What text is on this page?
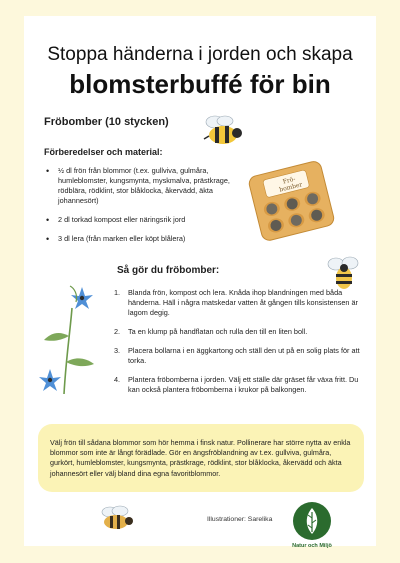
Stoppa händerna i jorden och skapa
blomsterbuffé för bin
Fröbomber (10 stycken)
Förberedelser och material:
• ½ dl frön från blommor (t.ex. gullviva, gulmåra, humleblomster, kungsmynta, myskmalva, prästkrage, rödblära, rödklint, stor blåklocka, åkervädd, äkta johannesört)
• 2 dl torkad kompost eller näringsrik jord
• 3 dl lera (från marken eller köpt blålera)
Frö- bomber
Så gör du fröbomber:
1.	Blanda frön, kompost och lera. Knåda ihop blandningen med båda händerna. Häll i några matskedar vatten åt gången tills konsistensen är lagom degig.
2.	Ta en klump på handflatan och rulla den till en liten boll.
3.	Placera bollarna i en äggkartong och ställ den ut på en solig plats för att torka.
4.	Plantera fröbomberna i jorden. Välj ett ställe där gräset får växa fritt. Du kan också plantera fröbomberna i krukor på balkongen.
Välj frön till sådana blommor som hör hemma i finsk natur. Pollinerare har större nytta av enkla blommor som inte är långt förädlade. Gör en ängsfröblandning av t.ex. gullviva, gulmåra, gurkört, humleblomster, kungsmynta, prästkrage, rödklint, stor blåklocka, åkervädd och äkta johannesört eller välj bland dina egna favoritblommor.
Illustrationer: Sarelika
Natur och Miljö
